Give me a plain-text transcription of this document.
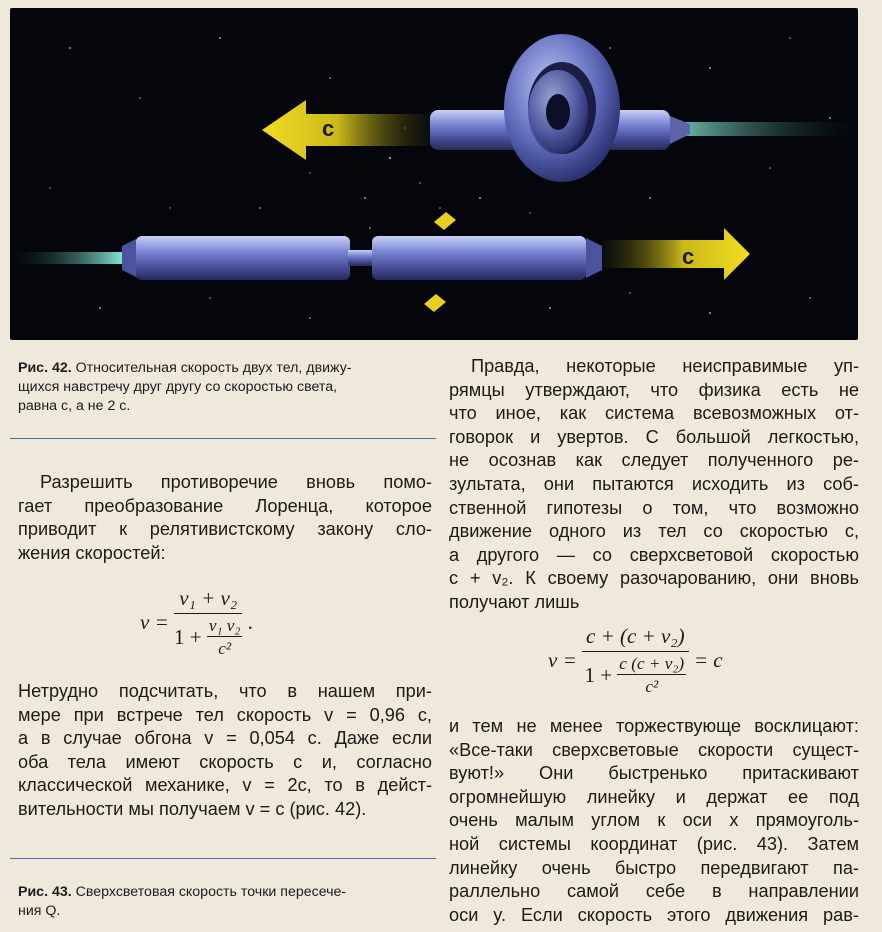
c
c
Рис. 42. Относительная скорость двух тел, движу-
щихся навстречу друг другу со скоростью света,
равна c, а не 2 c.
Разрешить противоречие вновь помо-
гает преобразование Лоренца, которое
приводит к релятивистскому закону сло-
жения скоростей:
$v = \frac{\text{v₁ + v₂}}{1 + \frac{\text{v₁ v₂}}{\text{c²}}}$ .
Нетрудно подсчитать, что в нашем при-
мере при встрече тел скорость v = 0,96 c,
а в случае обгона v = 0,054 c. Даже если
оба тела имеют скорость c и, согласно
классической механике, v = 2c, то в дейст-
вительности мы получаем v = c (рис. 42).
Рис. 43. Сверхсветовая скорость точки пересече-
ния Q.
Правда, некоторые неисправимые уп-
рямцы утверждают, что физика есть не
что иное, как система всевозможных от-
говорок и увертов. С большой легкостью,
не осознав как следует полученного ре-
зультата, они пытаются исходить из соб-
ственной гипотезы о том, что возможно
движение одного из тел со скоростью c,
а другого — со сверхсветовой скоростью
c + v₂. К своему разочарованию, они вновь
получают лишь
$v = \frac{\text{c + (c + v₂)}}{1 + \frac{\text{c (c + v₂)}}{\text{c²}}} = c$
и тем не менее торжествующе восклицают:
«Все-таки сверхсветовые скорости сущест-
вуют!» Они быстренько притаскивают
огромнейшую линейку и держат ее под
очень малым углом к оси x прямоуголь-
ной системы координат (рис. 43). Затем
линейку очень быстро передвигают па-
раллельно самой себе в направлении
оси y. Если скорость этого движения рав-
